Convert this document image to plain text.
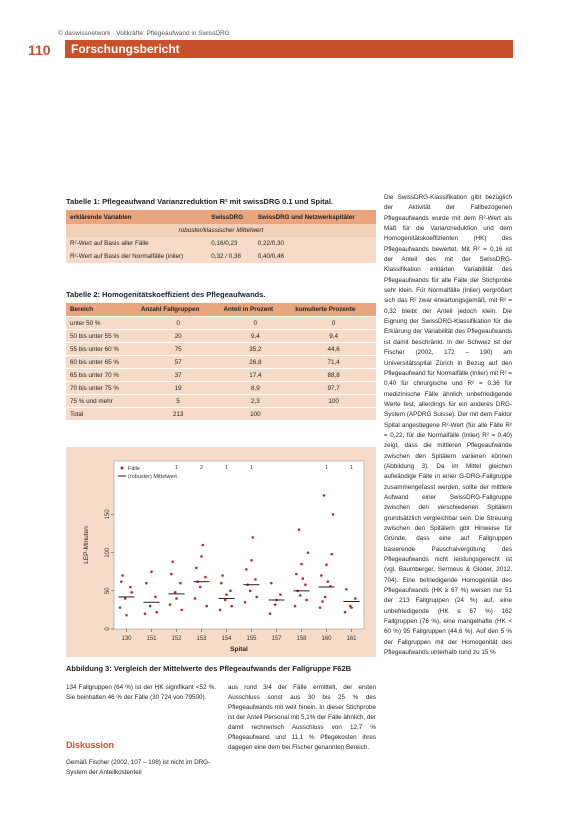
© daswissnetwork · Vollkräfte: Pflegeaufwand in SwissDRG
110	Forschungsbericht
Tabelle 1: Pflegeaufwand Varianzreduktion R² mit swissDRG 0.1 und Spital.
erklärende Variablen	SwissDRG	SwissDRG und Netzwerkspitäler
robuster/klassischer Mittelwert		
R²-Wert auf Basis aller Fälle	0,16/0,23	0,22/0,30
R²-Wert auf Basis der Normalfälle (inlier)	0,32 / 0,38	0,40/0,46
Tabelle 2: Homogenitätskoeffizient des Pflegeaufwands.
Bereich	Anzahl Fallgruppen	Anteil in Prozent	kumulierte Prozente
unter 50 %	0	0	0
50 bis unter 55 %	20	9,4	9,4
55 bis unter 60 %	75	35,2	44,6
60 bis unter 65 %	57	26,8	71,4
65 bis unter 70 %	37	17,4	88,8
70 bis unter 75 %	19	8,9	97,7
75 % und mehr	5	2,3	100
Total	213	100	
0
50
100
150
130 151 152 153 154 155 157 158 160 161
1	2	1	1	1	1
Fälle
(robuster) Mittelwert
Spital
LEP-Minuten
Abbildung 3: Vergleich der Mittelwerte des Pflegeaufwands der Fallgruppe F62B

134 Fallgruppen (64 %) ist der HK signifikant <52 %. Sie beinhalten 46 % der Fälle (30 724 von 79500).

Diskussion
Gemäß Fischer (2002, 107 – 108) ist nicht im DRG-System der Anteilkostenteil

aus rund 3/4 der Fälle ermittelt, der ersten Ausschluss sonst aus 30 bis 25 % des Pflegeaufwands mit weit hinein. In dieser Stichprobe ist der Anteil Personal mit 5,1% der Fälle ähnlich, der damit rechnerisch Ausschluss von 12,7 % Pflegeaufwand und 11,1 % Pflegekosten ihres dagegen eine dem bei Fischer genannten Bereich.

Die SwissDRG-Klassifikation gibt bezüglich der Aktivität der Fallbezogenen Pflegeaufwands wurde mit dem R²-Wert als Maß für die Varianzreduktion und dem Homogenitätskoeffizienten (HK) des Pflegeaufwands bewertet. Mit R² = 0,16 ist der Anteil des mit der SwissDRG-Klassifikation erklärten Variabilität des Pflegeaufwands für alle Fälle der Stichprobe sehr klein. Für Normalfälle (Inlier) vergrößert sich das R² zwar erwartungsgemäß, mit R² = 0,32 bleibt der Anteil jedoch klein. Die Eignung der SwissDRG-Klassifikation für die Erklärung der Variabilität des Pflegeaufwands ist damit beschränkt. In der Schweiz ist der Fischer (2002, 172 – 190) am Universitätsspital Zürich in Bezug auf den Pflegeaufwand für Normalfälle (Inlier) mit R² = 0,40 für chirurgische und R² = 0,36 für medizinische Fälle ähnlich unbefriedigende Werte fest, allerdings für ein anderes DRG-System (APDRG Suisse). Der mit dem Faktor Spital angestiegene R²-Wert (für alle Fälle R² = 0,22, für die Normalfälle (Inlier) R² = 0,40) zeigt, dass die mittleren Pflegeaufwände zwischen den Spitälern variieren können (Abbildung 3). Da im Mittel gleichen aufwändige Fälle in einer G-DRG-Fallgruppe zusammengefasst werden, sollte der mittlere Aufwand einer SwissDRG-Fallgruppe zwischen den verschiedenen Spitälern grundsätzlich vergleichbar sein. Die Streuung zwischen den Spitälern gibt Hinweise für Gründe, dass eine auf Fallgruppen basierende Pauschalvergütung des Pflegeaufwands nicht leistungsgerecht ist (vgl. Baumberger, Sermeus & Gloder, 2012, 704). Eine befriedigende Homogenität des Pflegeaufwands (HK ≥ 67 %) weisen nur 51 der 213 Fallgruppen (24 %) auf, eine unbefriedigende (HK ≤ 67 %) 162 Fallgruppen (76 %), eine mangelhafte (HK < 60 %) 95 Fallgruppen (44,6 %). Auf den 5 % der Fallgruppen mit der Homogenität des Pflegeaufwands unterhalb rund zu 15 %
